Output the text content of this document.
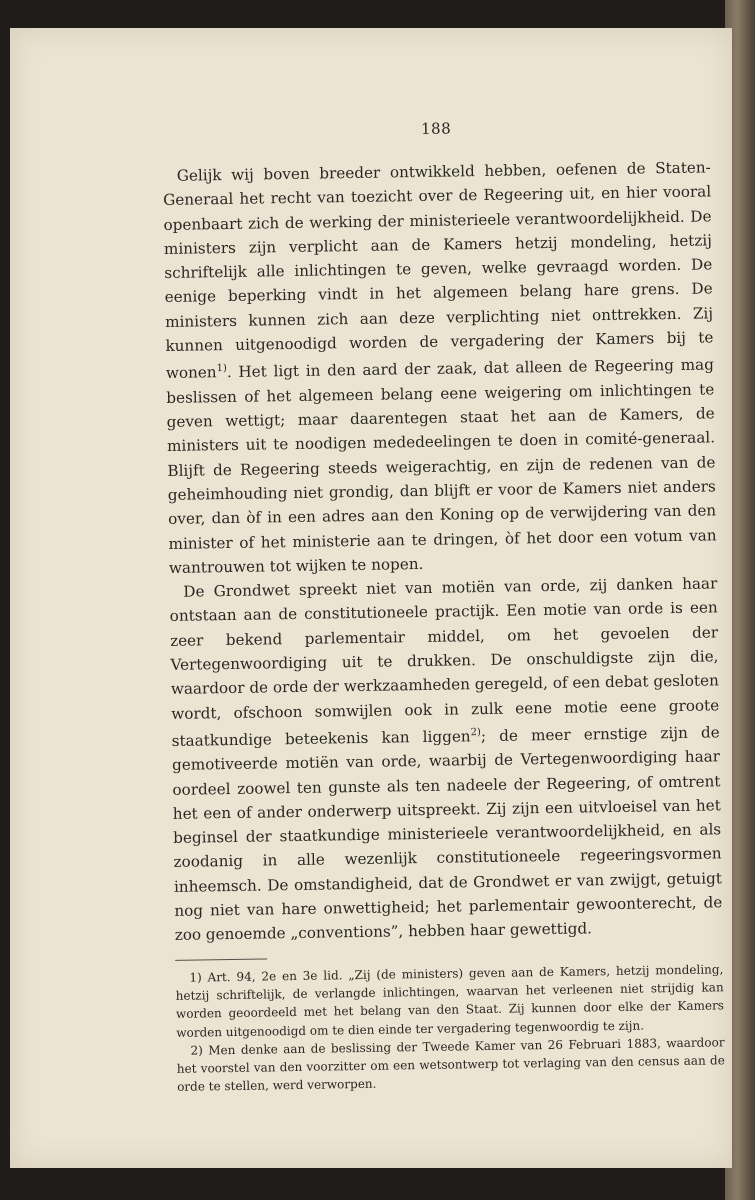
188

Gelijk wij boven breeder ontwikkeld hebben, oefenen de Staten-Generaal het recht van toezicht over de Regeering uit, en hier vooral openbaart zich de werking der ministerieele verantwoordelijkheid. De ministers zijn verplicht aan de Kamers hetzij mondeling, hetzij schriftelijk alle inlichtingen te geven, welke gevraagd worden. De eenige beperking vindt in het algemeen belang hare grens. De ministers kunnen zich aan deze verplichting niet onttrekken. Zij kunnen uitgenoodigd worden de vergadering der Kamers bij te wonen$^{1)}$. Het ligt in den aard der zaak, dat alleen de Regeering mag beslissen of het algemeen belang eene weigering om inlichtingen te geven wettigt; maar daarentegen staat het aan de Kamers, de ministers uit te noodigen mededeelingen te doen in comité-generaal. Blijft de Regeering steeds weigerachtig, en zijn de redenen van de geheimhouding niet grondig, dan blijft er voor de Kamers niet anders over, dan òf in een adres aan den Koning op de verwijdering van den minister of het ministerie aan te dringen, òf het door een votum van wantrouwen tot wijken te nopen.

De Grondwet spreekt niet van motiën van orde, zij danken haar ontstaan aan de constitutioneele practijk. Een motie van orde is een zeer bekend parlementair middel, om het gevoelen der Vertegenwoordiging uit te drukken. De onschuldigste zijn die, waardoor de orde der werkzaamheden geregeld, of een debat gesloten wordt, ofschoon somwijlen ook in zulk eene motie eene groote staatkundige beteekenis kan liggen$^{2)}$; de meer ernstige zijn de gemotiveerde motiën van orde, waarbij de Vertegenwoordiging haar oordeel zoowel ten gunste als ten nadeele der Regeering, of omtrent het een of ander onderwerp uitspreekt. Zij zijn een uitvloeisel van het beginsel der staatkundige ministerieele verantwoordelijkheid, en als zoodanig in alle wezenlijk constitutioneele regeeringsvormen inheemsch. De omstandigheid, dat de Grondwet er van zwijgt, getuigt nog niet van hare onwettigheid; het parlementair gewoonterecht, de zoo genoemde „conventions”, hebben haar gewettigd.

1) Art. 94, 2e en 3e lid. „Zij (de ministers) geven aan de Kamers, hetzij mondeling, hetzij schriftelijk, de verlangde inlichtingen, waarvan het verleenen niet strijdig kan worden geoordeeld met het belang van den Staat. Zij kunnen door elke der Kamers worden uitgenoodigd om te dien einde ter vergadering tegenwoordig te zijn.

2) Men denke aan de beslissing der Tweede Kamer van 26 Februari 1883, waardoor het voorstel van den voorzitter om een wetsontwerp tot verlaging van den census aan de orde te stellen, werd verworpen.
